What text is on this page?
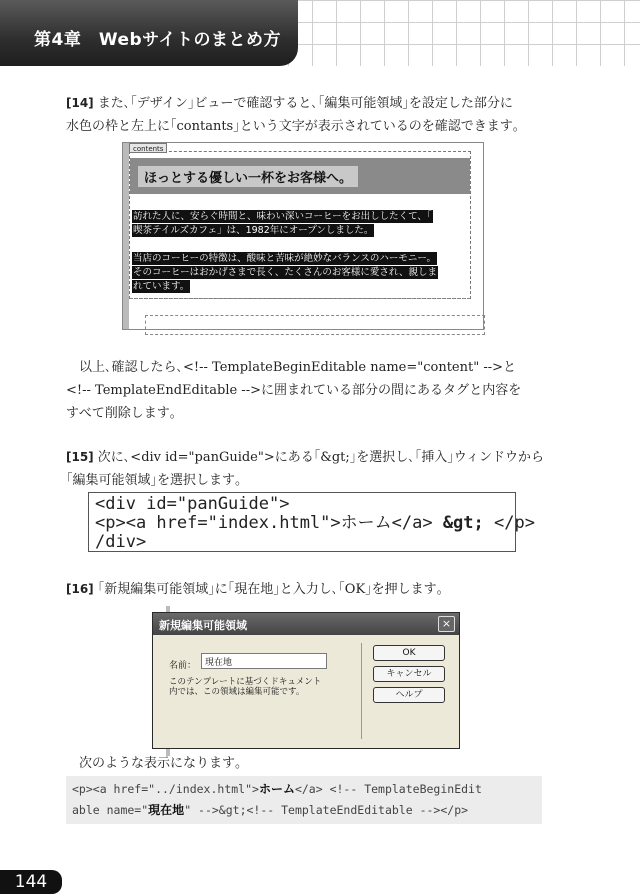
第4章　Webサイトのまとめ方
[14] また､｢デザイン｣ビューで確認すると､｢編集可能領域｣を設定した部分に
水色の枠と左上に｢contants｣という文字が表示されているのを確認できます｡
ほっとする優しい一杯をお客様へ。
訪れた人に、安らぐ時間と、味わい深いコーヒーをお出ししたくて、「
喫茶テイルズカフェ」は、1982年にオープンしました。
当店のコーヒーの特徴は、酸味と苦味が絶妙なバランスのハーモニー。
そのコーヒーはおかげさまで長く、たくさんのお客様に愛され、親しま
れています。
contents
　以上､確認したら､<!-- TemplateBeginEditable name="content" -->と
<!-- TemplateEndEditable -->に囲まれている部分の間にあるタグと内容を
すべて削除します｡
[15] 次に､<div id="panGuide">にある｢&gt;｣を選択し､｢挿入｣ウィンドウから
｢編集可能領域｣を選択します｡
<div id="panGuide">
<p><a href="index.html">ホーム</a> &gt; </p>
/div>
[16] ｢新規編集可能領域｣に｢現在地｣と入力し､｢OK｣を押します｡
新規編集可能領域	×
名前：
現在地
このテンプレートに基づくドキュメント
内では、この領域は編集可能です。
OK
キャンセル
ヘルプ
　次のような表示になります｡
<p><a href="../index.html">ホーム</a> <!-- TemplateBeginEdit
able name="現在地" -->&gt;<!-- TemplateEndEditable --></p>
144
